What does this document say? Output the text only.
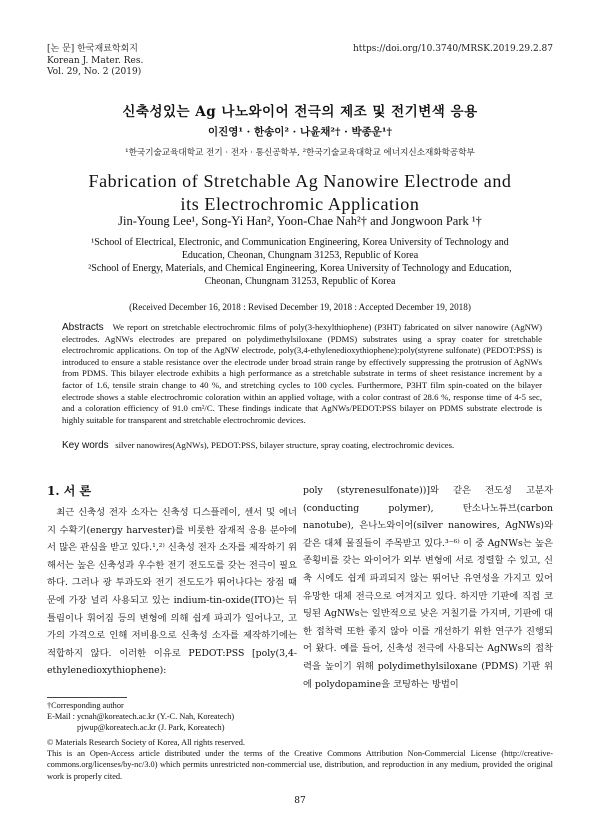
[논 문] 한국재료학회지
Korean J. Mater. Res.
Vol. 29, No. 2 (2019)
https://doi.org/10.3740/MRSK.2019.29.2.87
신축성있는 Ag 나노와이어 전극의 제조 및 전기변색 응용
이진영¹ · 한송이² · 나윤채²† · 박종운¹†
¹한국기술교육대학교 전기 · 전자 · 통신공학부, ²한국기술교육대학교 에너지신소재화학공학부
Fabrication of Stretchable Ag Nanowire Electrode and
its Electrochromic Application
Jin-Young Lee¹, Song-Yi Han², Yoon-Chae Nah²† and Jongwoon Park ¹†
¹School of Electrical, Electronic, and Communication Engineering, Korea University of Technology and
Education, Cheonan, Chungnam 31253, Republic of Korea
²School of Energy, Materials, and Chemical Engineering, Korea University of Technology and Education,
Cheonan, Chungnam 31253, Republic of Korea
(Received December 16, 2018 : Revised December 19, 2018 : Accepted December 19, 2018)
Abstracts We report on stretchable electrochromic films of poly(3-hexylthiophene) (P3HT) fabricated on silver nanowire (AgNW) electrodes. AgNWs electrodes are prepared on polydimethylsiloxane (PDMS) substrates using a spray coater for stretchable electrochromic applications. On top of the AgNW electrode, poly(3,4-ethylenedioxythiophene):poly(styrene sulfonate) (PEDOT:PSS) is introduced to ensure a stable resistance over the electrode under broad strain range by effectively suppressing the protrusion of AgNWs from PDMS. This bilayer electrode exhibits a high performance as a stretchable substrate in terms of sheet resistance increment by a factor of 1.6, tensile strain change to 40 %, and stretching cycles to 100 cycles. Furthermore, P3HT film spin-coated on the bilayer electrode shows a stable electrochromic coloration within an applied voltage, with a color contrast of 28.6 %, response time of 4-5 sec, and a coloration efficiency of 91.0 cm²/C. These findings indicate that AgNWs/PEDOT:PSS bilayer on PDMS substrate electrode is highly suitable for transparent and stretchable electrochromic devices.
Key words silver nanowires(AgNWs), PEDOT:PSS, bilayer structure, spray coating, electrochromic devices.
1. 서 론

최근 신축성 전자 소자는 신축성 디스플레이, 센서 및 에너지 수확기(energy harvester)를 비롯한 잠재적 응용 분야에서 많은 관심을 받고 있다.¹,²⁾ 신축성 전자 소자를 제작하기 위해서는 높은 신축성과 우수한 전기 전도도를 갖는 전극이 필요하다. 그러나 광 투과도와 전기 전도도가 뛰어나다는 장점 때문에 가장 널리 사용되고 있는 indium-tin-oxide(ITO)는 뒤틀림이나 휘어짐 등의 변형에 의해 쉽게 파괴가 일어나고, 고가의 가격으로 인해 저비용으로 신축성 소자를 제작하기에는 적합하지 않다. 이러한 이유로 PEDOT:PSS [poly(3,4-ethylenedioxythiophene):

poly (styrenesulfonate))]와 같은 전도성 고분자(conducting polymer), 탄소나노튜브(carbon nanotube), 은나노와이어(silver nanowires, AgNWs)와 같은 대체 물질들이 주목받고 있다.³⁻⁶⁾ 이 중 AgNWs는 높은 종횡비를 갖는 와이어가 외부 변형에 서로 정렬할 수 있고, 신축 시에도 쉽게 파괴되지 않는 뛰어난 유연성을 가지고 있어 유망한 대체 전극으로 여겨지고 있다. 하지만 기판에 직접 코팅된 AgNWs는 일반적으로 낮은 거칠기를 가지며, 기판에 대한 접착력 또한 좋지 않아 이를 개선하기 위한 연구가 진행되어 왔다. 예를 들어, 신축성 전극에 사용되는 AgNWs의 접착력을 높이기 위해 polydimethylsiloxane (PDMS) 기판 위에 polydopamine을 코팅하는 방법이

†Corresponding author
E-Mail : ycnah@koreatech.ac.kr (Y.-C. Nah, Koreatech)
pjwup@koreatech.ac.kr (J. Park, Koreatech)
© Materials Research Society of Korea, All rights reserved.
This is an Open-Access article distributed under the terms of the Creative Commons Attribution Non-Commercial License (http://creative-commons.org/licenses/by-nc/3.0) which permits unrestricted non-commercial use, distribution, and reproduction in any medium, provided the original work is properly cited.
87
